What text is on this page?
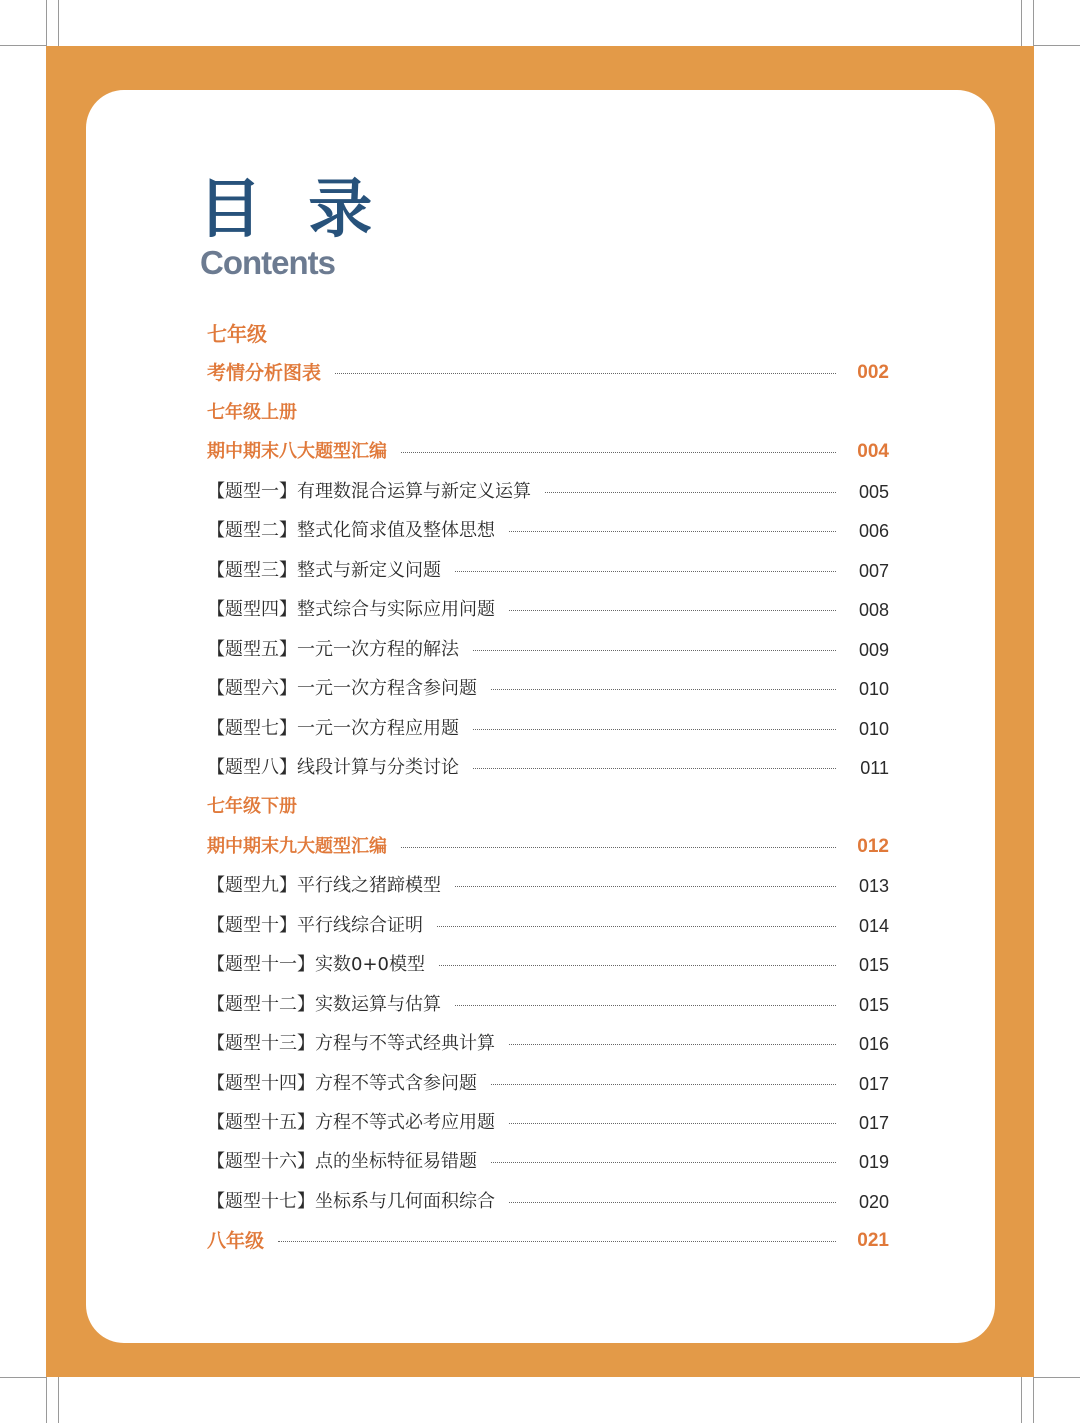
目 录
Contents
七年级
考情分析图表	002
七年级上册
期中期末八大题型汇编	004
【题型一】有理数混合运算与新定义运算	005
【题型二】整式化简求值及整体思想	006
【题型三】整式与新定义问题	007
【题型四】整式综合与实际应用问题	008
【题型五】一元一次方程的解法	009
【题型六】一元一次方程含参问题	010
【题型七】一元一次方程应用题	010
【题型八】线段计算与分类讨论	011
七年级下册
期中期末九大题型汇编	012
【题型九】平行线之猪蹄模型	013
【题型十】平行线综合证明	014
【题型十一】实数0+0模型	015
【题型十二】实数运算与估算	015
【题型十三】方程与不等式经典计算	016
【题型十四】方程不等式含参问题	017
【题型十五】方程不等式必考应用题	017
【题型十六】点的坐标特征易错题	019
【题型十七】坐标系与几何面积综合	020
八年级	021
